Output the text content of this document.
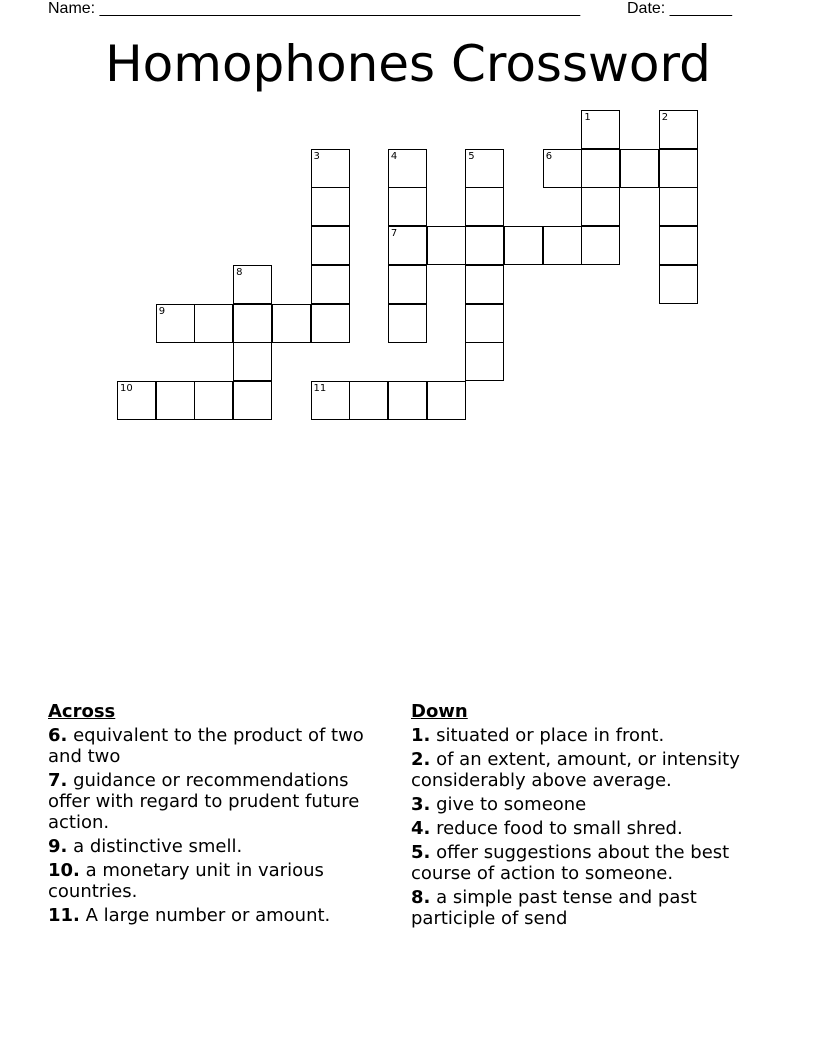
Name: ______________________________________________________	Date: _______
Homophones Crossword
1	2
3	4	5	6
7
8
9
10	11
Across
6. equivalent to the product of two and two
7. guidance or recommendations offer with regard to prudent future action.
9. a distinctive smell.
10. a monetary unit in various countries.
11. A large number or amount.
Down
1. situated or place in front.
2. of an extent, amount, or intensity considerably above average.
3. give to someone
4. reduce food to small shred.
5. offer suggestions about the best course of action to someone.
8. a simple past tense and past participle of send
